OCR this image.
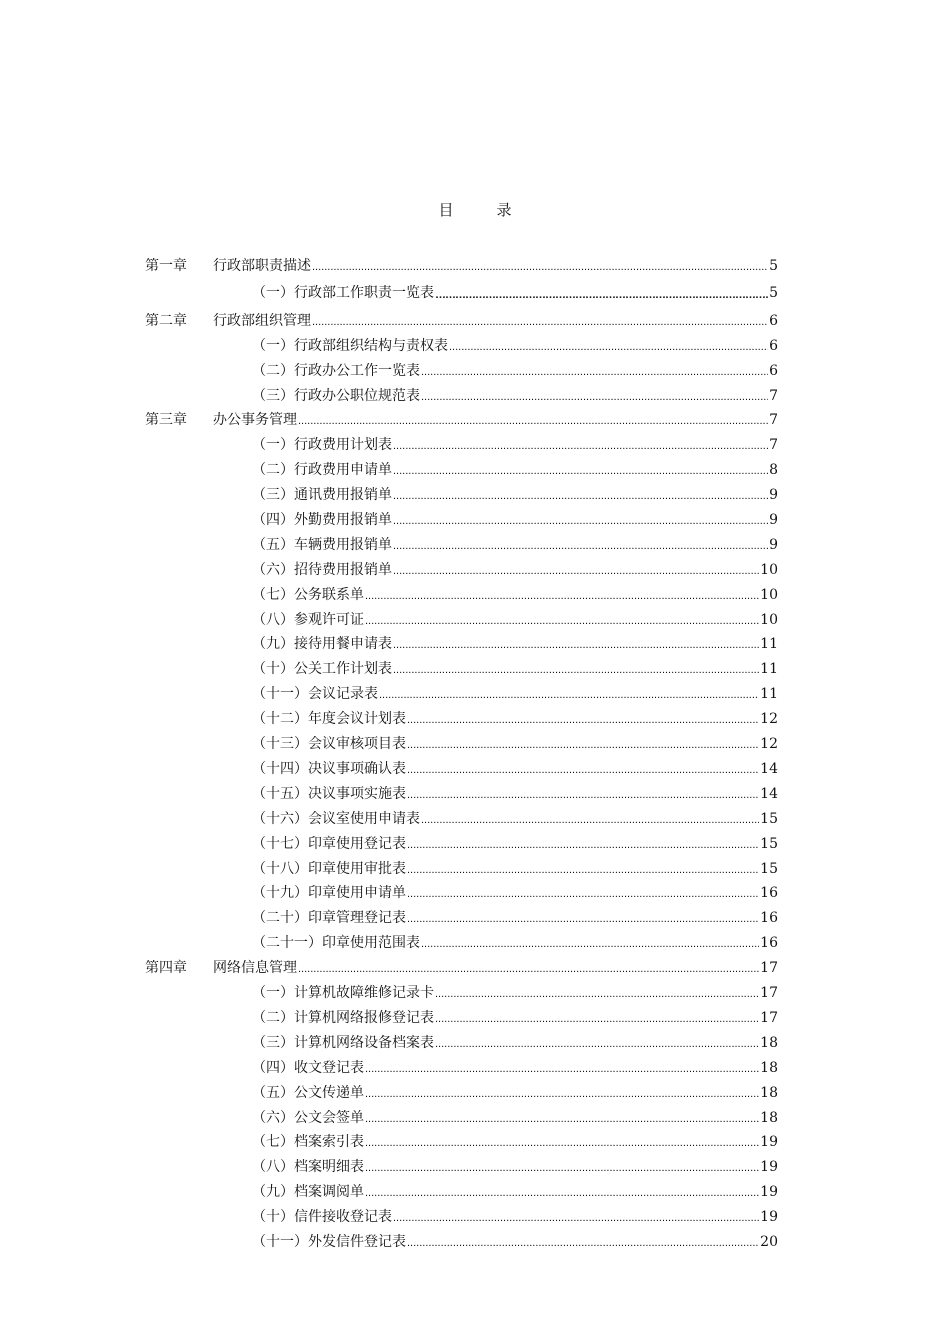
目　录
第一章	行政部职责描述 .....	5
（一）行政部工作职责一览表 ………………………………………………………………………………………………………………	5
第二章	行政部组织管理 .....	6
（一）行政部组织结构与责权表 .....	6
（二）行政办公工作一览表 .....	6
（三）行政办公职位规范表 .....	7
第三章	办公事务管理 .....	7
（一）行政费用计划表 .....	7
（二）行政费用申请单 .....	8
（三）通讯费用报销单 .....	9
（四）外勤费用报销单 .....	9
（五）车辆费用报销单 .....	9
（六）招待费用报销单 .....	10
（七）公务联系单 .....	10
（八）参观许可证 .....	10
（九）接待用餐申请表 .....	11
（十）公关工作计划表 .....	11
（十一）会议记录表 .....	11
（十二）年度会议计划表 .....	12
（十三）会议审核项目表 .....	12
（十四）决议事项确认表 .....	14
（十五）决议事项实施表 .....	14
（十六）会议室使用申请表 .....	15
（十七）印章使用登记表 .....	15
（十八）印章使用审批表 .....	15
（十九）印章使用申请单 .....	16
（二十）印章管理登记表 .....	16
（二十一）印章使用范围表 .....	16
第四章	网络信息管理 .....	17
（一）计算机故障维修记录卡 .....	17
（二）计算机网络报修登记表 .....	17
（三）计算机网络设备档案表 .....	18
（四）收文登记表 .....	18
（五）公文传递单 .....	18
（六）公文会签单 .....	18
（七）档案索引表 .....	19
（八）档案明细表 .....	19
（九）档案调阅单 .....	19
（十）信件接收登记表 .....	19
（十一）外发信件登记表 .....	20
